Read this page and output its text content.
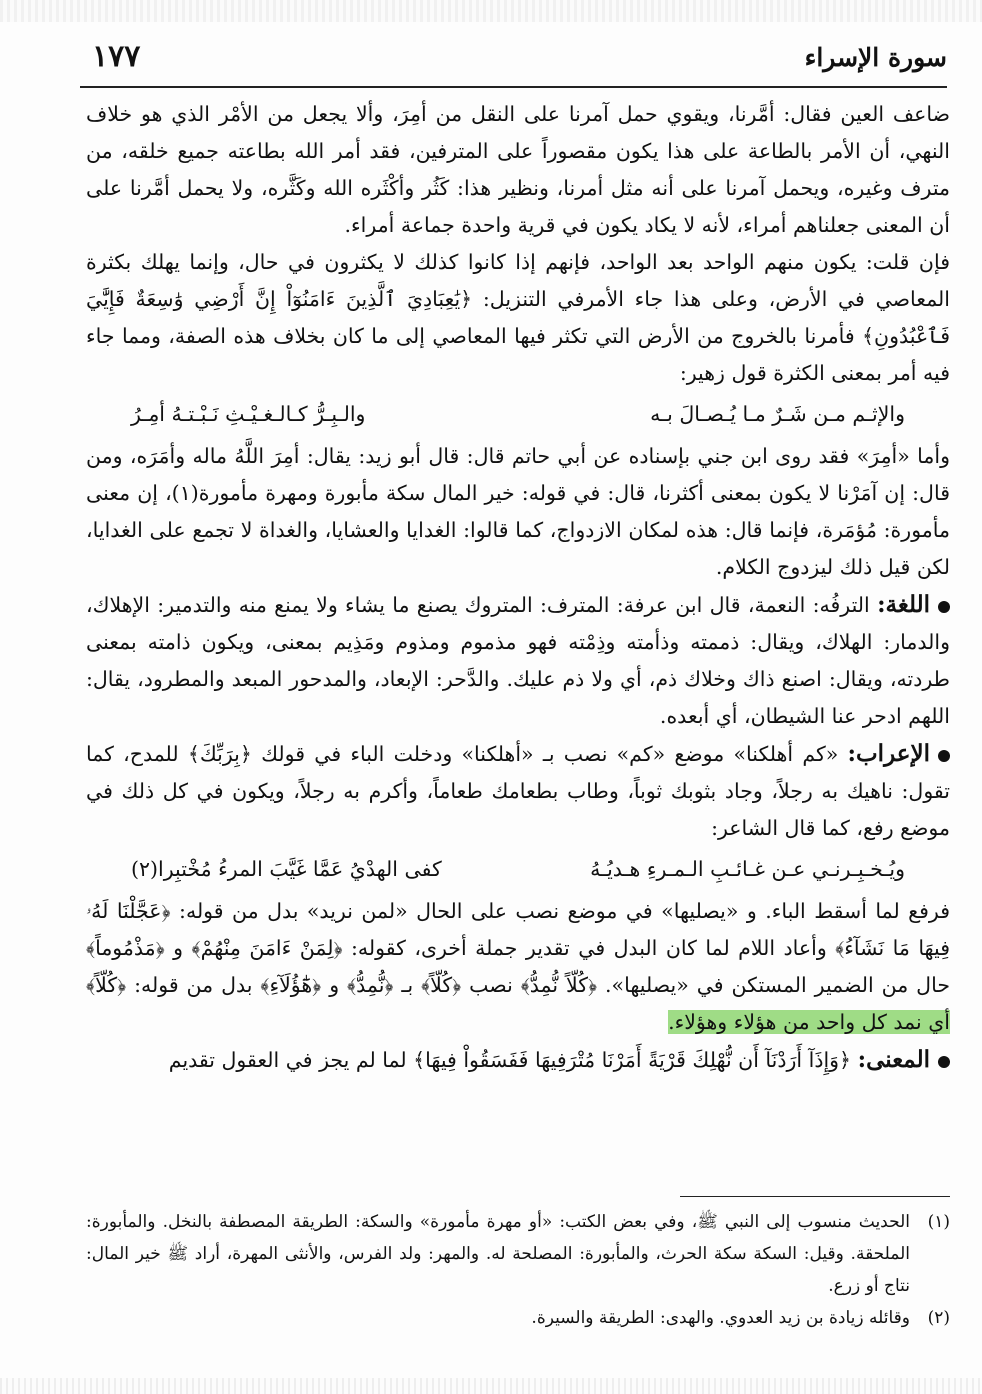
سورة الإسراء
١٧٧

ضاعف العين فقال: أمَّرنا، ويقوي حمل آمرنا على النقل من أمِرَ، وألا يجعل من الأمْر الذي هو خلاف النهي، أن الأمر بالطاعة على هذا يكون مقصوراً على المترفين، فقد أمر الله بطاعته جميع خلقه، من مترف وغيره، ويحمل آمرنا على أنه مثل أمرنا، ونظير هذا: كَثُر وأكْثَره الله وكَثَّره، ولا يحمل أمَّرنا على أن المعنى جعلناهم أمراء، لأنه لا يكاد يكون في قرية واحدة جماعة أمراء.

فإن قلت: يكون منهم الواحد بعد الواحد، فإنهم إذا كانوا كذلك لا يكثرون في حال، وإنما يهلك بكثرة المعاصي في الأرض، وعلى هذا جاء الأمرفي التنزيل: ﴿يَٰعِبَادِيَ ٱلَّذِينَ ءَامَنُوٓاْ إِنَّ أَرْضِي وَٰسِعَةٌ فَإِيَّٰيَ فَٱعْبُدُونِ﴾ فأمرنا بالخروج من الأرض التي تكثر فيها المعاصي إلى ما كان بخلاف هذه الصفة، ومما جاء فيه أمر بمعنى الكثرة قول زهير:

والإثـم مـن شَـرٌ مـا يُـصـالَ بـه
والـبِـرُّ كـالـغـيْـثِ نَـبْـتـهُ أمِـرُ

وأما «أمِرَ» فقد روى ابن جني بإسناده عن أبي حاتم قال: قال أبو زيد: يقال: أمِرَ اللَّهُ ماله وأمَرَه، ومن قال: إن آمَرْنا لا يكون بمعنى أكثرنا، قال: في قوله: خير المال سكة مأبورة ومهرة مأمورة(١)، إن معنى مأمورة: مُؤمَرة، فإنما قال: هذه لمكان الازدواج، كما قالوا: الغدايا والعشايا، والغداة لا تجمع على الغدايا، لكن قيل ذلك ليزدوج الكلام.

اللغة: الترفُه: النعمة، قال ابن عرفة: المترف: المتروك يصنع ما يشاء ولا يمنع منه والتدمير: الإهلاك، والدمار: الهلاك، ويقال: ذممته وذأمته وذِمْته فهو مذموم ومذوم ومَذِيم بمعنى، ويكون ذامته بمعنى طردته، ويقال: اصنع ذاك وخلاك ذم، أي ولا ذم عليك. والدَّحر: الإبعاد، والمدحور المبعد والمطرود، يقال: اللهم ادحر عنا الشيطان، أي أبعده.

الإعراب: «كم أهلكنا» موضع «كم» نصب بـ «أهلكنا» ودخلت الباء في قولك ﴿بِرَبِّكَ﴾ للمدح، كما تقول: ناهيك به رجلاً، وجاد بثوبك ثوباً، وطاب بطعامك طعاماً، وأكرم به رجلاً، ويكون في كل ذلك في موضع رفع، كما قال الشاعر:

ويُـخـبِـرنـي عـن غـائـبِ الـمـرءِ هـديُـهُ
كفى الهدْيُ عَمَّا غَيَّبَ المرءُ مُخْتبِرا(٢)

فرفع لما أسقط الباء. و «يصليها» في موضع نصب على الحال «لمن نريد» بدل من قوله: ﴿عَجَّلْنَا لَهُۥ فِيهَا مَا نَشَآءُ﴾ وأعاد اللام لما كان البدل في تقدير جملة أخرى، كقوله: ﴿لِمَنْ ءَامَنَ مِنْهُمْ﴾ و ﴿مَذْمُوماً﴾ حال من الضمير المستكن في «يصليها». ﴿كُلّاً نُّمِدُّ﴾ نصب ﴿كُلّاً﴾ بـ ﴿نُّمِدُّ﴾ و ﴿هَٰٓؤُلَآءِ﴾ بدل من قوله: ﴿كُلّاً﴾ أي نمد كل واحد من هؤلاء وهؤلاء.

المعنى: ﴿وَإِذَآ أَرَدْنَآ أَن نُّهْلِكَ قَرْيَةً أَمَرْنَا مُتْرَفِيهَا فَفَسَقُواْ فِيهَا﴾ لما لم يجز في العقول تقديم

(١)
الحديث منسوب إلى النبي ﷺ، وفي بعض الكتب: «أو مهرة مأمورة» والسكة: الطريقة المصطفة بالنخل. والمأبورة: الملحقة. وقيل: السكة سكة الحرث، والمأبورة: المصلحة له. والمهر: ولد الفرس، والأنثى المهرة، أراد ﷺ خير المال: نتاج أو زرع.
(٢)
وقائله زيادة بن زيد العدوي. والهدى: الطريقة والسيرة.
